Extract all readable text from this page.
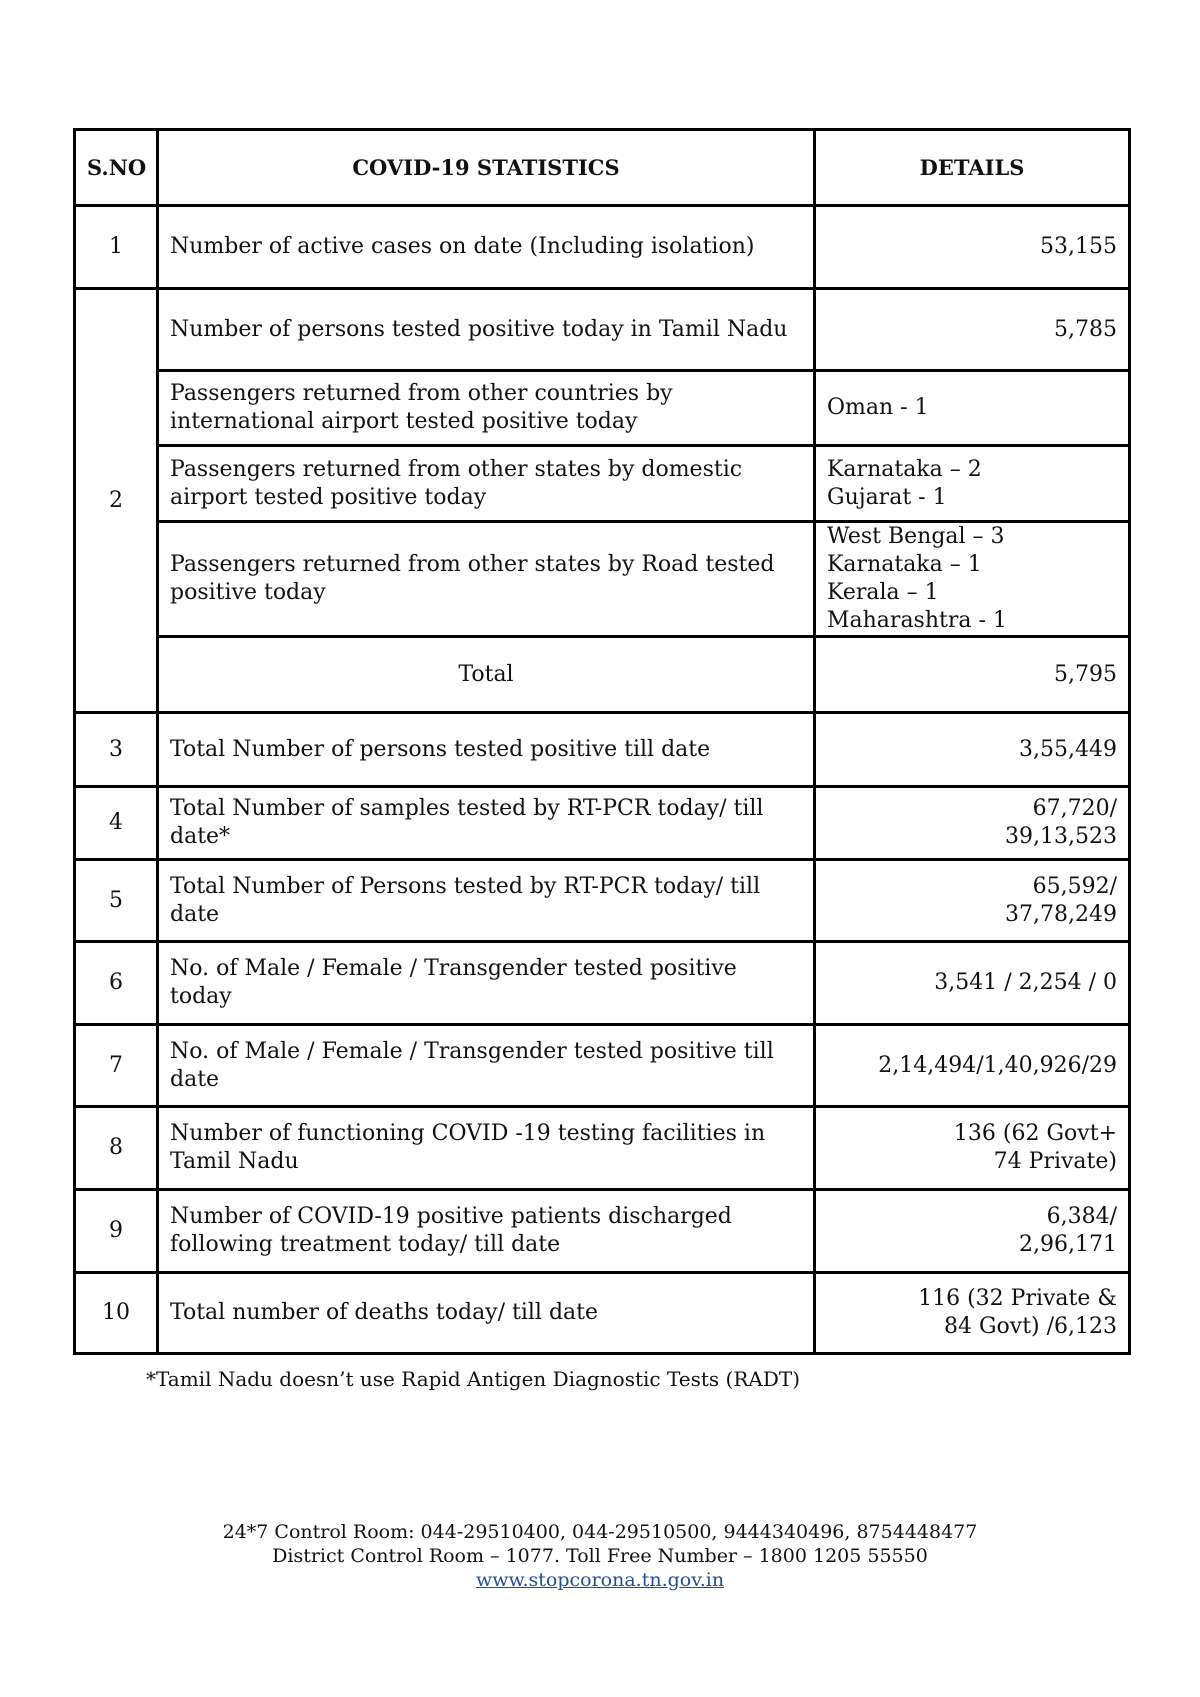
S.NO	COVID-19 STATISTICS	DETAILS
1	Number of active cases on date (Including isolation)	53,155
2	Number of persons tested positive today in Tamil Nadu	5,785
	Passengers returned from other countries by international airport tested positive today	Oman - 1

	Passengers returned from other states by domestic airport tested positive today	Karnataka – 2
Gujarat - 1

	Passengers returned from other states by Road tested positive today	West Bengal – 3
Karnataka – 1
Kerala – 1
Maharashtra - 1

	Total	5,795
3	Total Number of persons tested positive till date	3,55,449
4	Total Number of samples tested by RT-PCR today/ till date*	67,720/
39,13,523

5	Total Number of Persons tested by RT-PCR today/ till date	65,592/
37,78,249

6	No. of Male / Female / Transgender tested positive today	3,541 / 2,254 / 0
7	No. of Male / Female / Transgender tested positive till date	2,14,494/1,40,926/29
8	Number of functioning COVID -19 testing facilities in Tamil Nadu	136 (62 Govt+
74 Private)

9	Number of COVID-19 positive patients discharged following treatment today/ till date	6,384/
2,96,171

10	Total number of deaths today/ till date	116 (32 Private &
84 Govt) /6,123
*Tamil Nadu doesn’t use Rapid Antigen Diagnostic Tests (RADT)
24*7 Control Room: 044-29510400, 044-29510500, 9444340496, 8754448477
District Control Room – 1077. Toll Free Number – 1800 1205 55550
www.stopcorona.tn.gov.in
